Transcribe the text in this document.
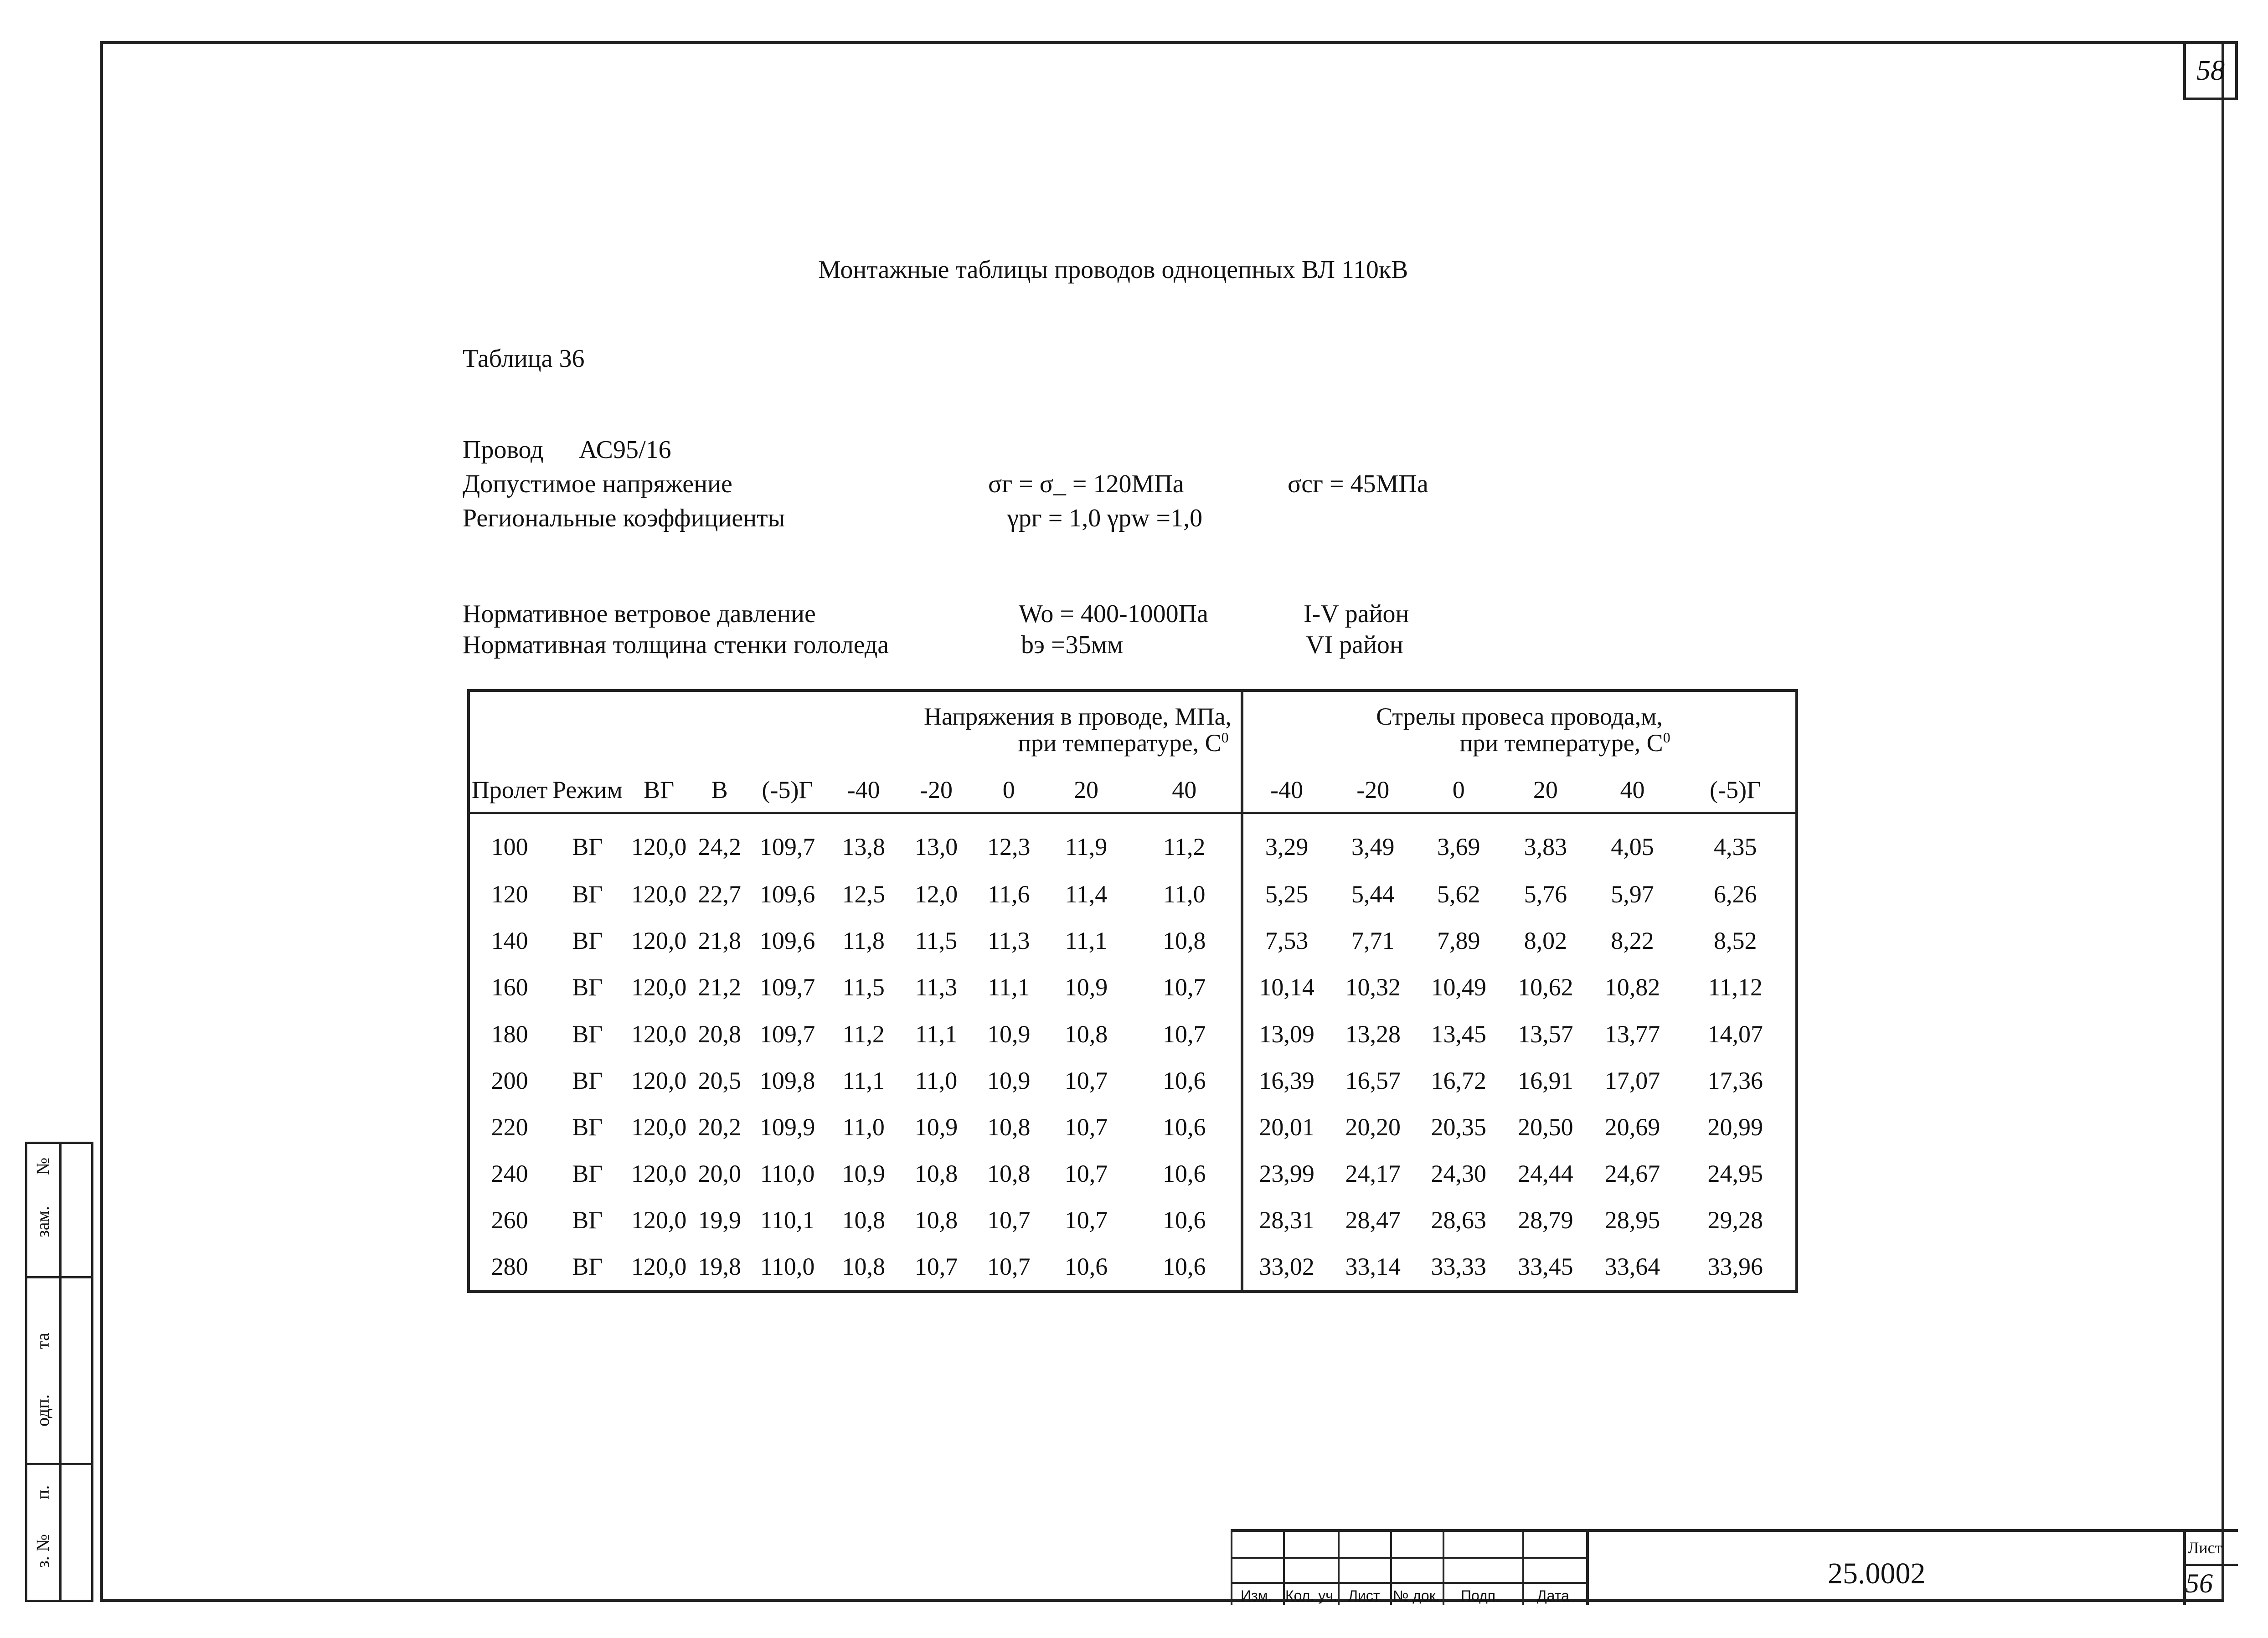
58
Монтажные таблицы проводов одноцепных ВЛ 110кВ
Таблица 36
Провод АС95/16
Допустимое напряжение	σг = σ_ = 120МПа	σсг = 45МПа
Региональные коэффициенты	γpг = 1,0 γpw =1,0
Нормативное ветровое давление	Wo = 400-1000Па	I-V район
Нормативная толщина стенки гололеда	bэ =35мм	VI район
Напряжения в проводе, МПа,
при температуре, $С^0$										Стрелы провеса провода,м,
при температуре, $С^0$
Пролет	Режим	ВГ	В	(-5)Г	-40	-20	0	20	40	-40	-20	0	20	40	(-5)Г
100	ВГ	120,0	24,2	109,7	13,8	13,0	12,3	11,9	11,2	3,29	3,49	3,69	3,83	4,05	4,35
120	ВГ	120,0	22,7	109,6	12,5	12,0	11,6	11,4	11,0	5,25	5,44	5,62	5,76	5,97	6,26
140	ВГ	120,0	21,8	109,6	11,8	11,5	11,3	11,1	10,8	7,53	7,71	7,89	8,02	8,22	8,52
160	ВГ	120,0	21,2	109,7	11,5	11,3	11,1	10,9	10,7	10,14	10,32	10,49	10,62	10,82	11,12
180	ВГ	120,0	20,8	109,7	11,2	11,1	10,9	10,8	10,7	13,09	13,28	13,45	13,57	13,77	14,07
200	ВГ	120,0	20,5	109,8	11,1	11,0	10,9	10,7	10,6	16,39	16,57	16,72	16,91	17,07	17,36
220	ВГ	120,0	20,2	109,9	11,0	10,9	10,8	10,7	10,6	20,01	20,20	20,35	20,50	20,69	20,99
240	ВГ	120,0	20,0	110,0	10,9	10,8	10,8	10,7	10,6	23,99	24,17	24,30	24,44	24,67	24,95
260	ВГ	120,0	19,9	110,1	10,8	10,8	10,7	10,7	10,6	28,31	28,47	28,63	28,79	28,95	29,28
280	ВГ	120,0	19,8	110,0	10,8	10,7	10,7	10,6	10,6	33,02	33,14	33,33	33,45	33,64	33,96

Изм. Кол. уч. Лист № док. Подп.	Дата
25.0002
Лист
56
зам.
№
та
одп.
п.
з. №
